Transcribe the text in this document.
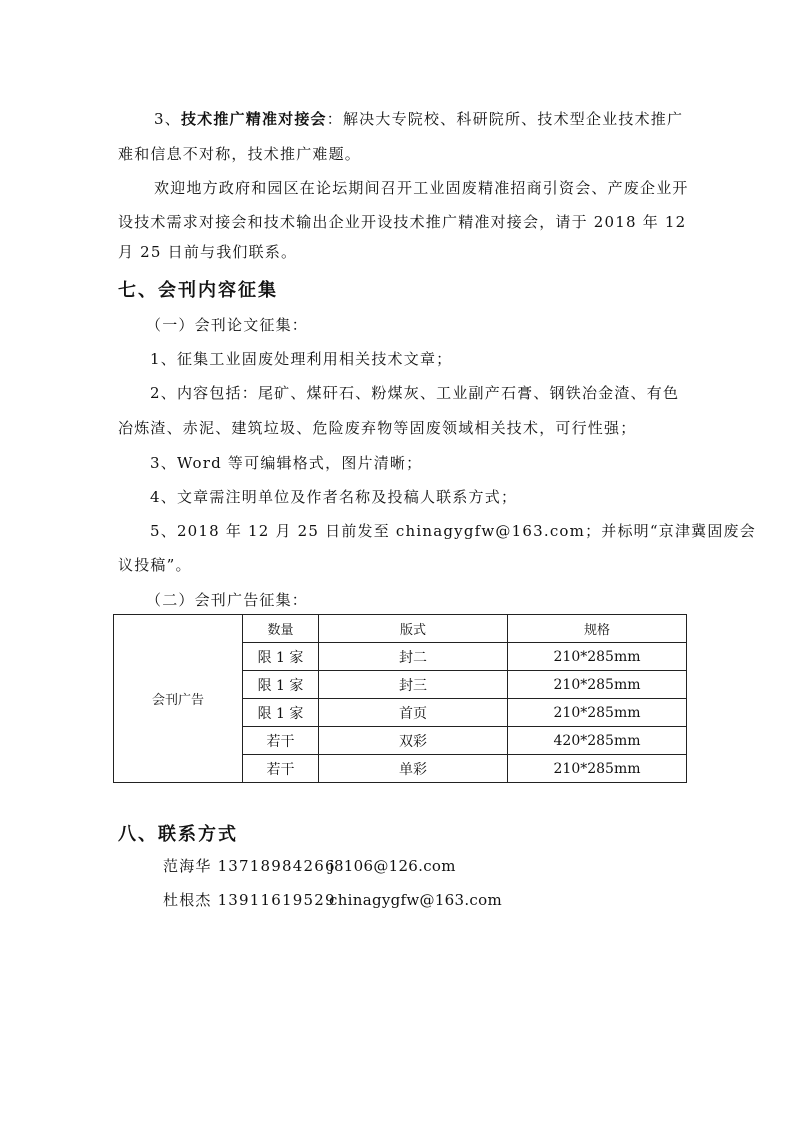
3、技术推广精准对接会：解决大专院校、科研院所、技术型企业技术推广
难和信息不对称，技术推广难题。
欢迎地方政府和园区在论坛期间召开工业固废精准招商引资会、产废企业开
设技术需求对接会和技术输出企业开设技术推广精准对接会，请于 2018 年 12
月 25 日前与我们联系。
七、会刊内容征集
（一）会刊论文征集：
1、征集工业固废处理利用相关技术文章；
2、内容包括：尾矿、煤矸石、粉煤灰、工业副产石膏、钢铁冶金渣、有色
冶炼渣、赤泥、建筑垃圾、危险废弃物等固废领域相关技术，可行性强；
3、Word 等可编辑格式，图片清晰；
4、文章需注明单位及作者名称及投稿人联系方式；
5、2018 年 12 月 25 日前发至 chinagygfw@163.com；并标明“京津冀固废会
议投稿”。
（二）会刊广告征集：
会刊广告	数量	版式	规格
	限 1 家	封二	210*285mm
	限 1 家	封三	210*285mm
	限 1 家	首页	210*285mm
	若干	双彩	420*285mm
	若干	单彩	210*285mm
八、联系方式
范海华 13718984266
j8106@126.com
杜根杰 13911619529
chinagygfw@163.com
